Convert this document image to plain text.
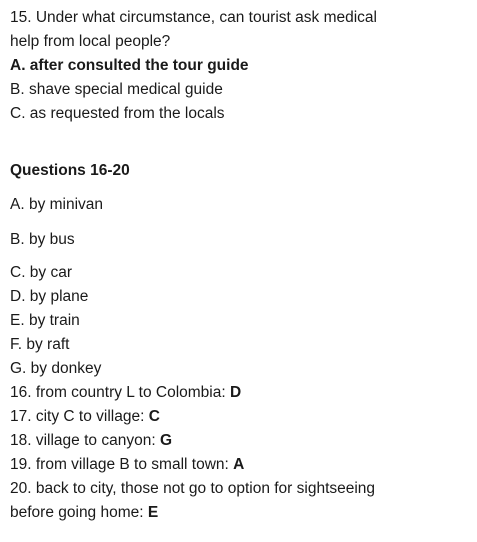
15. Under what circumstance, can tourist ask medical
help from local people?
A. after consulted the tour guide
B. shave special medical guide
C. as requested from the locals
Questions 16-20
A. by minivan
B. by bus
C. by car
D. by plane
E. by train
F. by raft
G. by donkey
16. from country L to Colombia: D
17. city C to village: C
18. village to canyon: G
19. from village B to small town: A
20. back to city, those not go to option for sightseeing
before going home: E
